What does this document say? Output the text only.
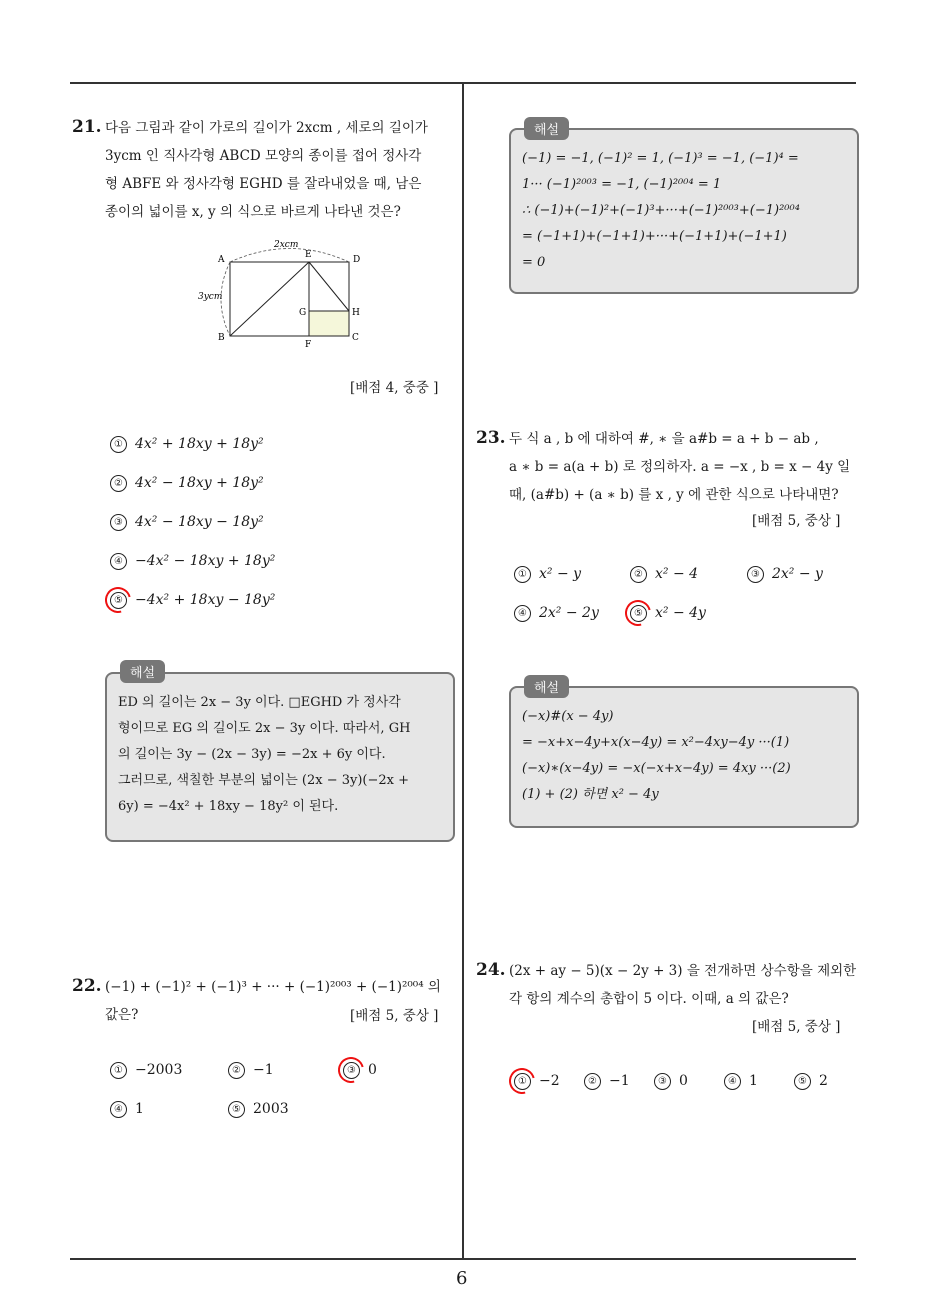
21. 다음 그림과 같이 가로의 길이가 2xcm , 세로의 길이가
3ycm 인 직사각형 ABCD 모양의 종이를 접어 정사각
형 ABFE 와 정사각형 EGHD 를 잘라내었을 때, 남은
종이의 넓이를 x, y 의 식으로 바르게 나타낸 것은?
2xcm
3ycm
A	E	D
G	H
B
F
C
[배점 4, 중중 ]
① 4x² + 18xy + 18y²
② 4x² − 18xy + 18y²
③ 4x² − 18xy − 18y²
④ −4x² − 18xy + 18y²
⑤ −4x² + 18xy − 18y²
해설
ED 의 길이는 2x − 3y 이다. □EGHD 가 정사각
형이므로 EG 의 길이도 2x − 3y 이다. 따라서, GH
의 길이는 3y − (2x − 3y) = −2x + 6y 이다.
그러므로, 색칠한 부분의 넓이는 (2x − 3y)(−2x +
6y) = −4x² + 18xy − 18y² 이 된다.
22. (−1) + (−1)² + (−1)³ + ··· + (−1)²⁰⁰³ + (−1)²⁰⁰⁴ 의
값은?	[배점 5, 중상 ]
① −2003	② −1	③ 0
④ 1	⑤ 2003
해설
(−1) = −1, (−1)² = 1, (−1)³ = −1, (−1)⁴ =
1··· (−1)²⁰⁰³ = −1, (−1)²⁰⁰⁴ = 1
∴ (−1)+(−1)²+(−1)³+···+(−1)²⁰⁰³+(−1)²⁰⁰⁴
= (−1+1)+(−1+1)+···+(−1+1)+(−1+1)
= 0
23. 두 식 a , b 에 대하여 #, ∗ 을 a#b = a + b − ab ,
a ∗ b = a(a + b) 로 정의하자. a = −x , b = x − 4y 일
때, (a#b) + (a ∗ b) 를 x , y 에 관한 식으로 나타내면?
[배점 5, 중상 ]
① x² − y	② x² − 4	③ 2x² − y
④ 2x² − 2y	⑤ x² − 4y
해설
(−x)#(x − 4y)
= −x+x−4y+x(x−4y) = x²−4xy−4y ···(1)
(−x)∗(x−4y) = −x(−x+x−4y) = 4xy ···(2)
(1) + (2) 하면 x² − 4y
24. (2x + ay − 5)(x − 2y + 3) 을 전개하면 상수항을 제외한
각 항의 계수의 총합이 5 이다. 이때, a 의 값은?
[배점 5, 중상 ]
① −2	② −1	③ 0	④ 1	⑤ 2
6
